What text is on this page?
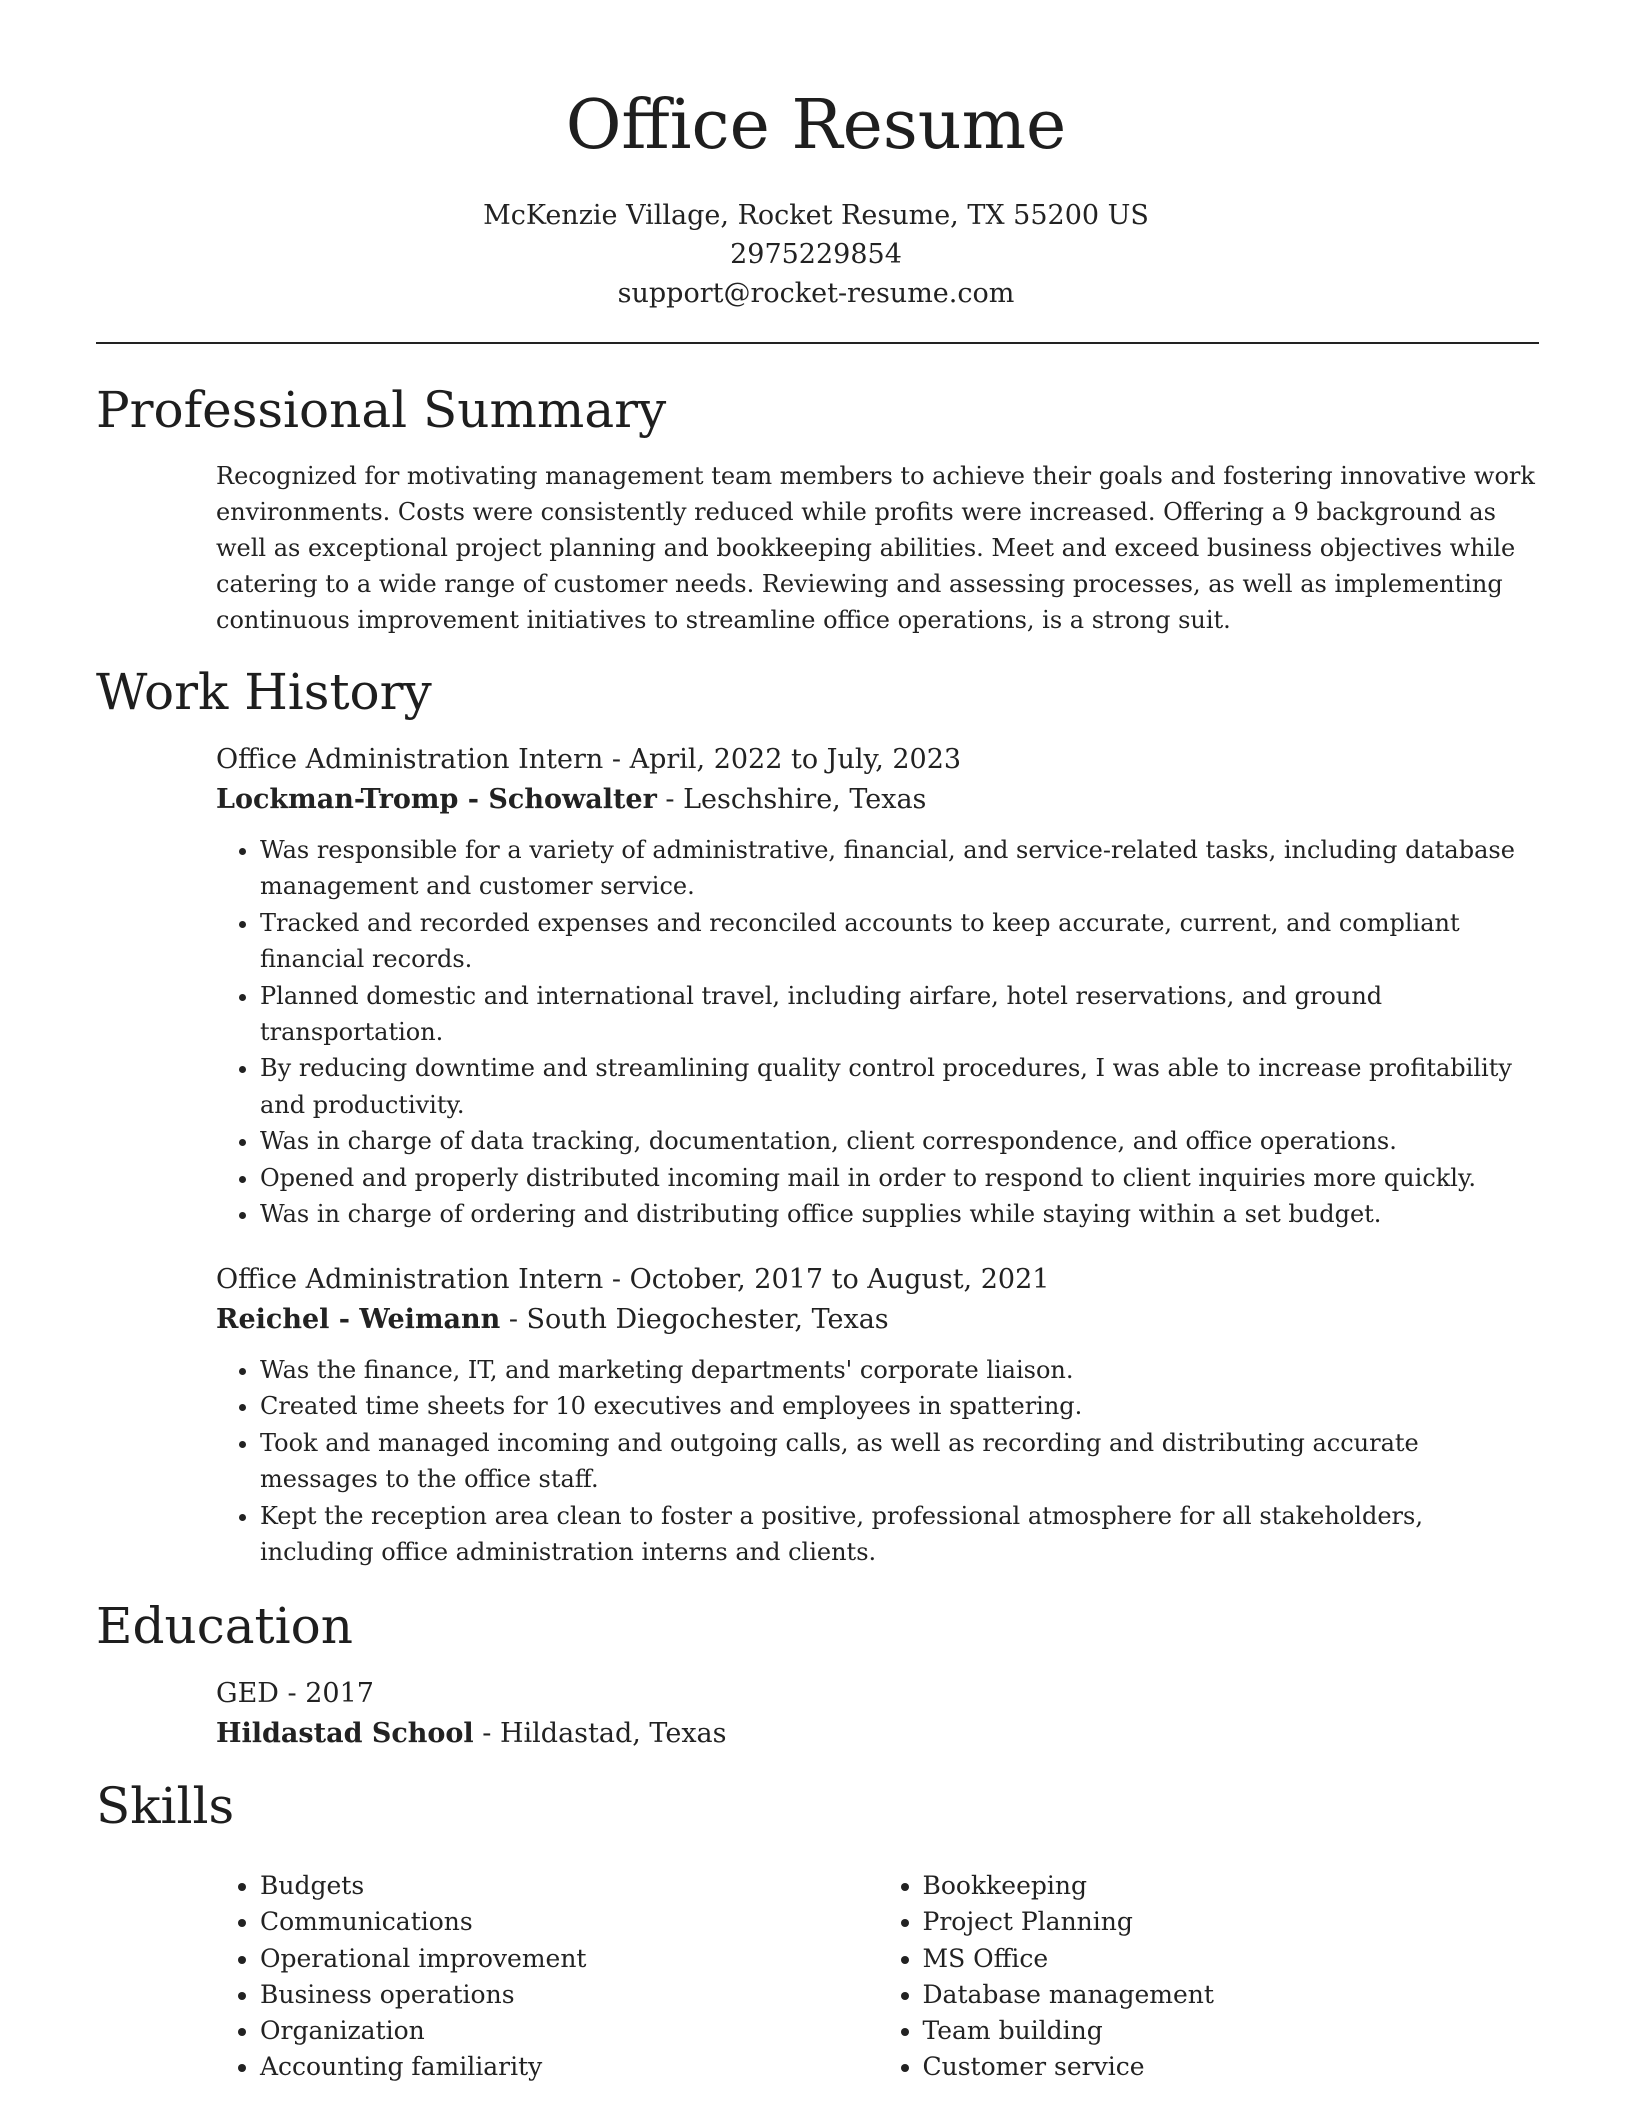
Office Resume
McKenzie Village, Rocket Resume, TX 55200 US
2975229854
support@rocket-resume.com
Professional Summary
Recognized for motivating management team members to achieve their goals and fostering innovative work environments. Costs were consistently reduced while profits were increased. Offering a 9 background as well as exceptional project planning and bookkeeping abilities. Meet and exceed business objectives while catering to a wide range of customer needs. Reviewing and assessing processes, as well as implementing continuous improvement initiatives to streamline office operations, is a strong suit.
Work History
Office Administration Intern - April, 2022 to July, 2023
Lockman-Tromp - Schowalter - Leschshire, Texas
• Was responsible for a variety of administrative, financial, and service-related tasks, including database management and customer service.
• Tracked and recorded expenses and reconciled accounts to keep accurate, current, and compliant financial records.
• Planned domestic and international travel, including airfare, hotel reservations, and ground transportation.
• By reducing downtime and streamlining quality control procedures, I was able to increase profitability and productivity.
• Was in charge of data tracking, documentation, client correspondence, and office operations.
• Opened and properly distributed incoming mail in order to respond to client inquiries more quickly.
• Was in charge of ordering and distributing office supplies while staying within a set budget.
Office Administration Intern - October, 2017 to August, 2021
Reichel - Weimann - South Diegochester, Texas
• Was the finance, IT, and marketing departments' corporate liaison.
• Created time sheets for 10 executives and employees in spattering.
• Took and managed incoming and outgoing calls, as well as recording and distributing accurate messages to the office staff.
• Kept the reception area clean to foster a positive, professional atmosphere for all stakeholders, including office administration interns and clients.
Education
GED - 2017
Hildastad School - Hildastad, Texas
Skills
• Budgets
• Communications
• Operational improvement
• Business operations
• Organization
• Accounting familiarity
• Bookkeeping
• Project Planning
• MS Office
• Database management
• Team building
• Customer service
